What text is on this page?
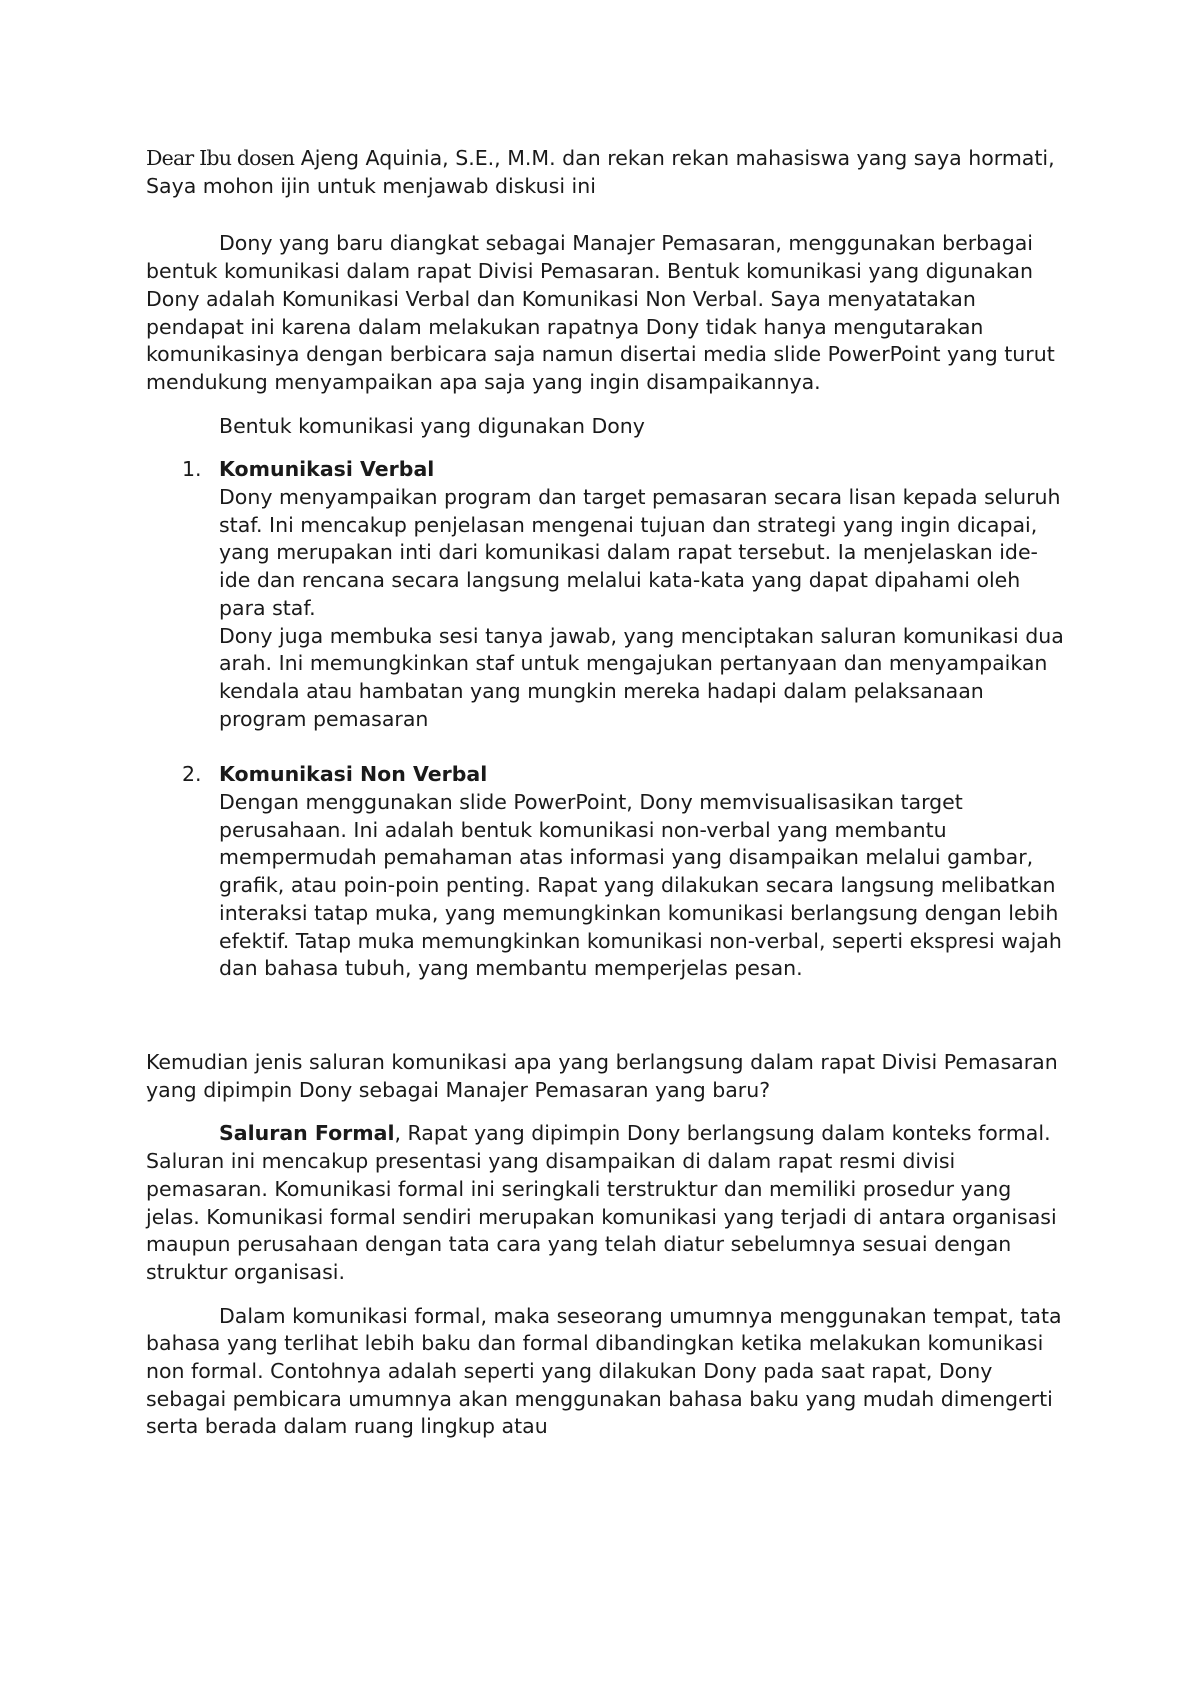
Dear Ibu dosen Ajeng Aquinia, S.E., M.M. dan rekan rekan mahasiswa yang saya hormati,

Saya mohon ijin untuk menjawab diskusi ini

Dony yang baru diangkat sebagai Manajer Pemasaran, menggunakan berbagai bentuk komunikasi dalam rapat Divisi Pemasaran. Bentuk komunikasi yang digunakan Dony adalah Komunikasi Verbal dan Komunikasi Non Verbal. Saya menyatatakan pendapat ini karena dalam melakukan rapatnya Dony tidak hanya mengutarakan komunikasinya dengan berbicara saja namun disertai media slide PowerPoint yang turut mendukung menyampaikan apa saja yang ingin disampaikannya.

Bentuk komunikasi yang digunakan Dony

1. Komunikasi Verbal

Dony menyampaikan program dan target pemasaran secara lisan kepada seluruh staf. Ini mencakup penjelasan mengenai tujuan dan strategi yang ingin dicapai, yang merupakan inti dari komunikasi dalam rapat tersebut. Ia menjelaskan ide-ide dan rencana secara langsung melalui kata-kata yang dapat dipahami oleh para staf.

Dony juga membuka sesi tanya jawab, yang menciptakan saluran komunikasi dua arah. Ini memungkinkan staf untuk mengajukan pertanyaan dan menyampaikan kendala atau hambatan yang mungkin mereka hadapi dalam pelaksanaan program pemasaran

2. Komunikasi Non Verbal

Dengan menggunakan slide PowerPoint, Dony memvisualisasikan target perusahaan. Ini adalah bentuk komunikasi non-verbal yang membantu mempermudah pemahaman atas informasi yang disampaikan melalui gambar, grafik, atau poin-poin penting. Rapat yang dilakukan secara langsung melibatkan interaksi tatap muka, yang memungkinkan komunikasi berlangsung dengan lebih efektif. Tatap muka memungkinkan komunikasi non-verbal, seperti ekspresi wajah dan bahasa tubuh, yang membantu memperjelas pesan.

Kemudian jenis saluran komunikasi apa yang berlangsung dalam rapat Divisi Pemasaran yang dipimpin Dony sebagai Manajer Pemasaran yang baru?

Saluran Formal, Rapat yang dipimpin Dony berlangsung dalam konteks formal. Saluran ini mencakup presentasi yang disampaikan di dalam rapat resmi divisi pemasaran. Komunikasi formal ini seringkali terstruktur dan memiliki prosedur yang jelas. Komunikasi formal sendiri merupakan komunikasi yang terjadi di antara organisasi maupun perusahaan dengan tata cara yang telah diatur sebelumnya sesuai dengan struktur organisasi.

Dalam komunikasi formal, maka seseorang umumnya menggunakan tempat, tata bahasa yang terlihat lebih baku dan formal dibandingkan ketika melakukan komunikasi non formal. Contohnya adalah seperti yang dilakukan Dony pada saat rapat, Dony sebagai pembicara umumnya akan menggunakan bahasa baku yang mudah dimengerti serta berada dalam ruang lingkup atau
